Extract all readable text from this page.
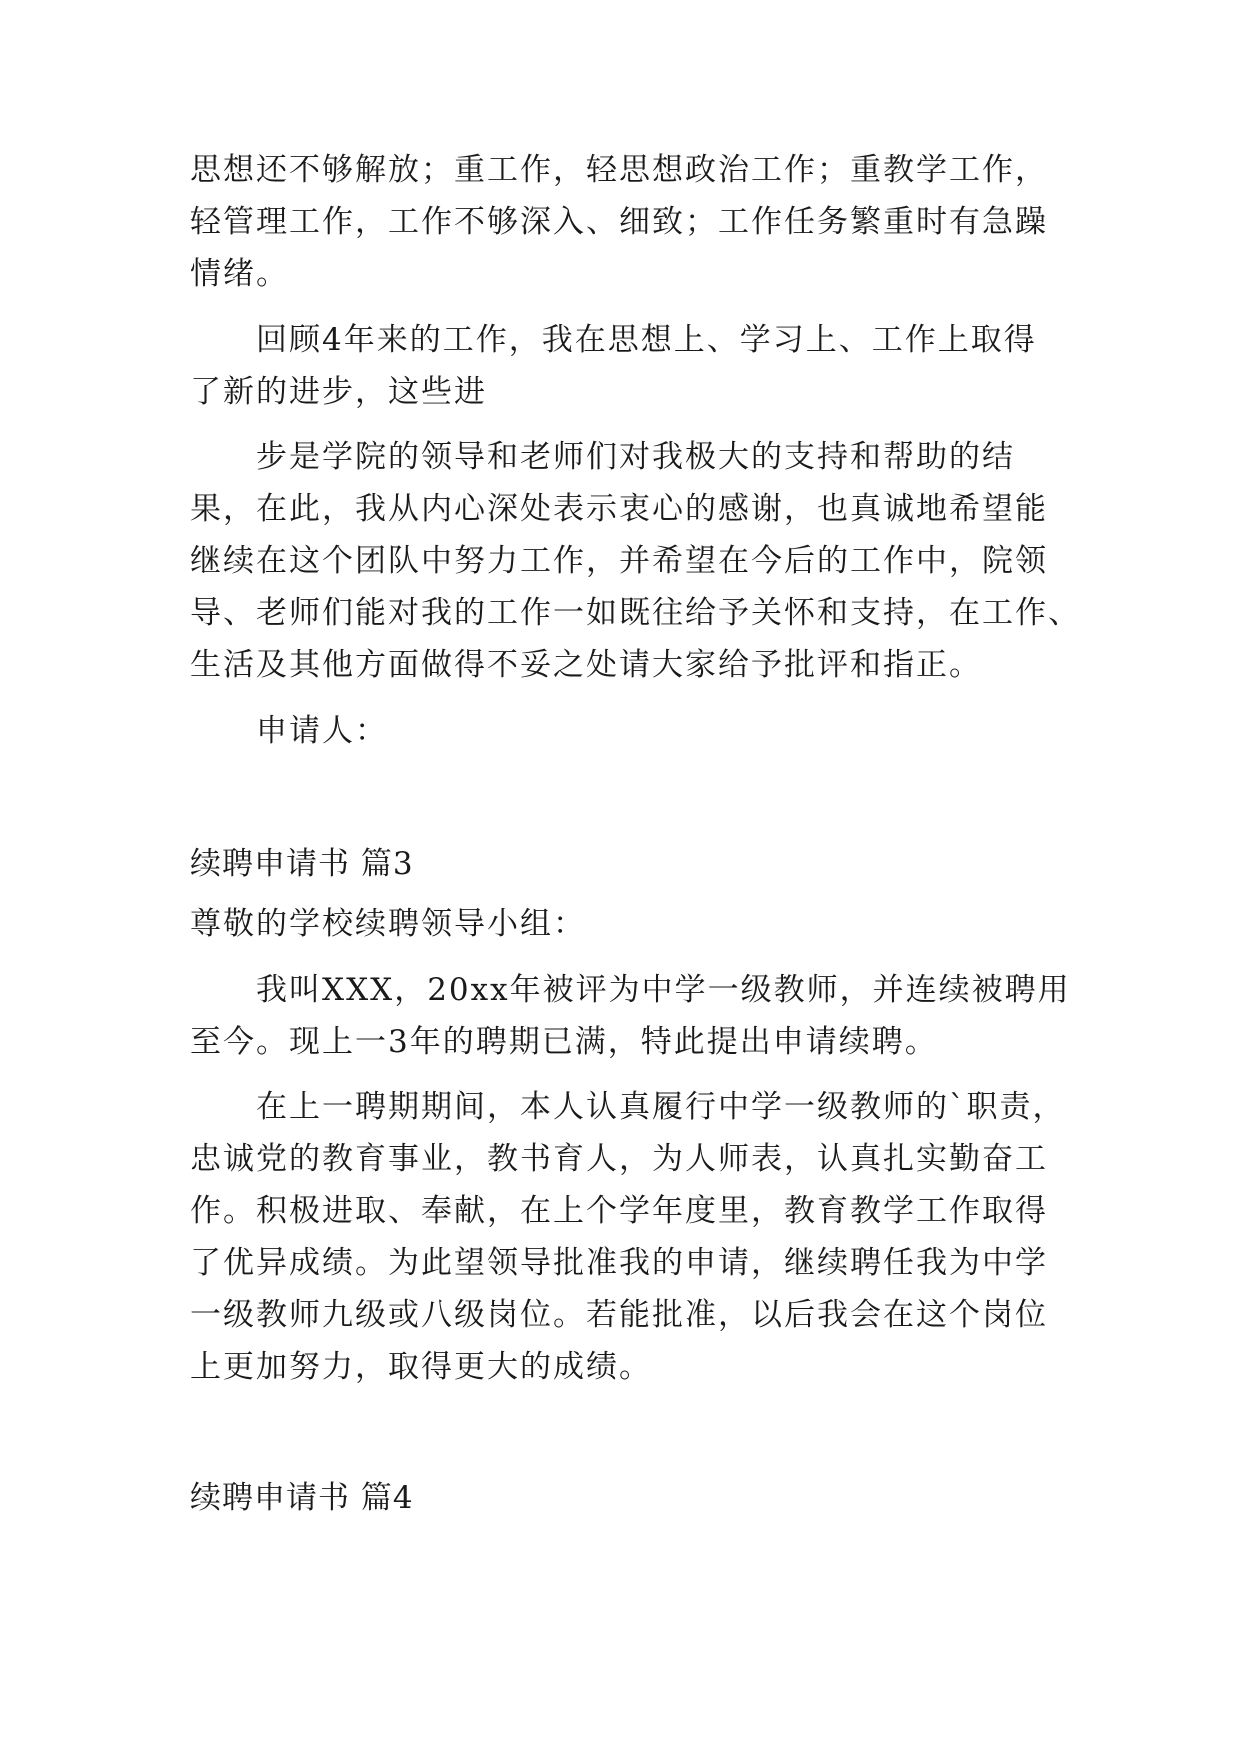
思想还不够解放；重工作，轻思想政治工作；重教学工作，
轻管理工作，工作不够深入、细致；工作任务繁重时有急躁
情绪。
回顾4年来的工作，我在思想上、学习上、工作上取得
了新的进步，这些进
步是学院的领导和老师们对我极大的支持和帮助的结
果，在此，我从内心深处表示衷心的感谢，也真诚地希望能
继续在这个团队中努力工作，并希望在今后的工作中，院领
导、老师们能对我的工作一如既往给予关怀和支持，在工作、
生活及其他方面做得不妥之处请大家给予批评和指正。
申请人：
续聘申请书 篇3
尊敬的学校续聘领导小组：
我叫XXX，20xx年被评为中学一级教师，并连续被聘用
至今。现上一3年的聘期已满，特此提出申请续聘。
在上一聘期期间，本人认真履行中学一级教师的`职责，
忠诚党的教育事业，教书育人，为人师表，认真扎实勤奋工
作。积极进取、奉献，在上个学年度里，教育教学工作取得
了优异成绩。为此望领导批准我的申请，继续聘任我为中学
一级教师九级或八级岗位。若能批准，以后我会在这个岗位
上更加努力，取得更大的成绩。
续聘申请书 篇4
